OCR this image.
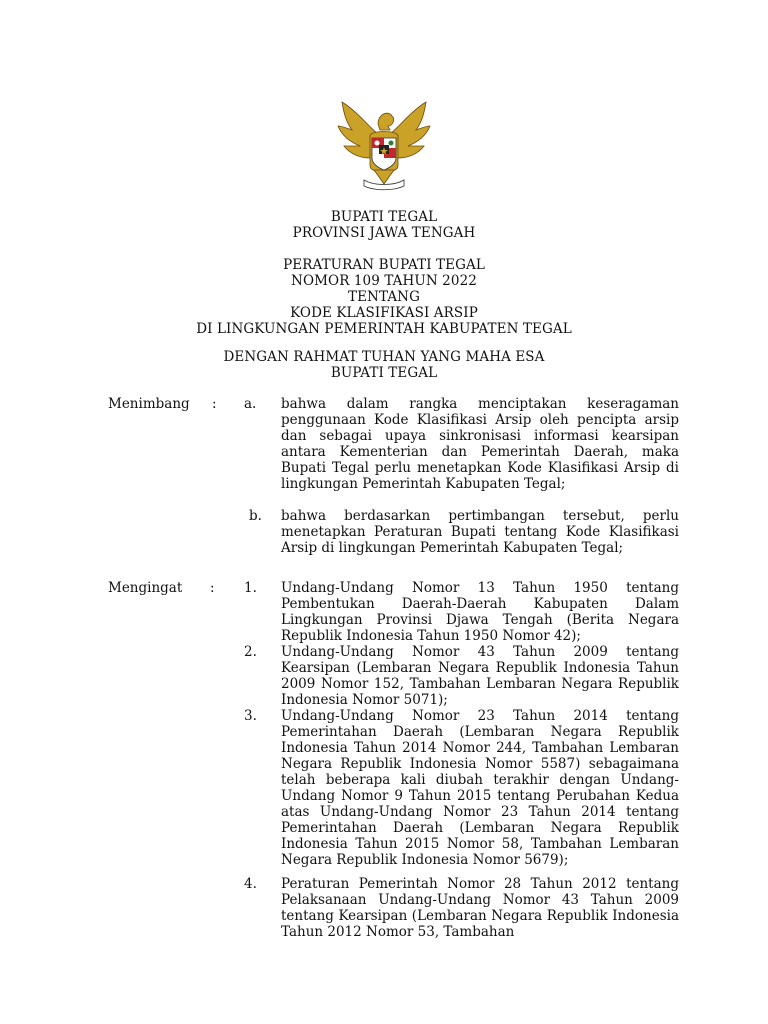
BUPATI TEGAL
PROVINSI JAWA TENGAH
PERATURAN BUPATI TEGAL
NOMOR 109 TAHUN 2022
TENTANG
KODE KLASIFIKASI ARSIP
DI LINGKUNGAN PEMERINTAH KABUPATEN TEGAL
DENGAN RAHMAT TUHAN YANG MAHA ESA
BUPATI TEGAL
Menimbang : a. bahwa dalam rangka menciptakan keseragaman penggunaan Kode Klasifikasi Arsip oleh pencipta arsip dan sebagai upaya sinkronisasi informasi kearsipan antara Kementerian dan Pemerintah Daerah, maka Bupati Tegal perlu menetapkan Kode Klasifikasi Arsip di lingkungan Pemerintah Kabupaten Tegal;
b. bahwa berdasarkan pertimbangan tersebut, perlu menetapkan Peraturan Bupati tentang Kode Klasifikasi Arsip di lingkungan Pemerintah Kabupaten Tegal;
Mengingat : 1. Undang-Undang Nomor 13 Tahun 1950 tentang Pembentukan Daerah-Daerah Kabupaten Dalam Lingkungan Provinsi Djawa Tengah (Berita Negara Republik Indonesia Tahun 1950 Nomor 42);
2. Undang-Undang Nomor 43 Tahun 2009 tentang Kearsipan (Lembaran Negara Republik Indonesia Tahun 2009 Nomor 152, Tambahan Lembaran Negara Republik Indonesia Nomor 5071);
3. Undang-Undang Nomor 23 Tahun 2014 tentang Pemerintahan Daerah (Lembaran Negara Republik Indonesia Tahun 2014 Nomor 244, Tambahan Lembaran Negara Republik Indonesia Nomor 5587) sebagaimana telah beberapa kali diubah terakhir dengan Undang- Undang Nomor 9 Tahun 2015 tentang Perubahan Kedua atas Undang-Undang Nomor 23 Tahun 2014 tentang Pemerintahan Daerah (Lembaran Negara Republik Indonesia Tahun 2015 Nomor 58, Tambahan Lembaran Negara Republik Indonesia Nomor 5679);
4. Peraturan Pemerintah Nomor 28 Tahun 2012 tentang Pelaksanaan Undang-Undang Nomor 43 Tahun 2009 tentang Kearsipan (Lembaran Negara Republik Indonesia Tahun 2012 Nomor 53, Tambahan
